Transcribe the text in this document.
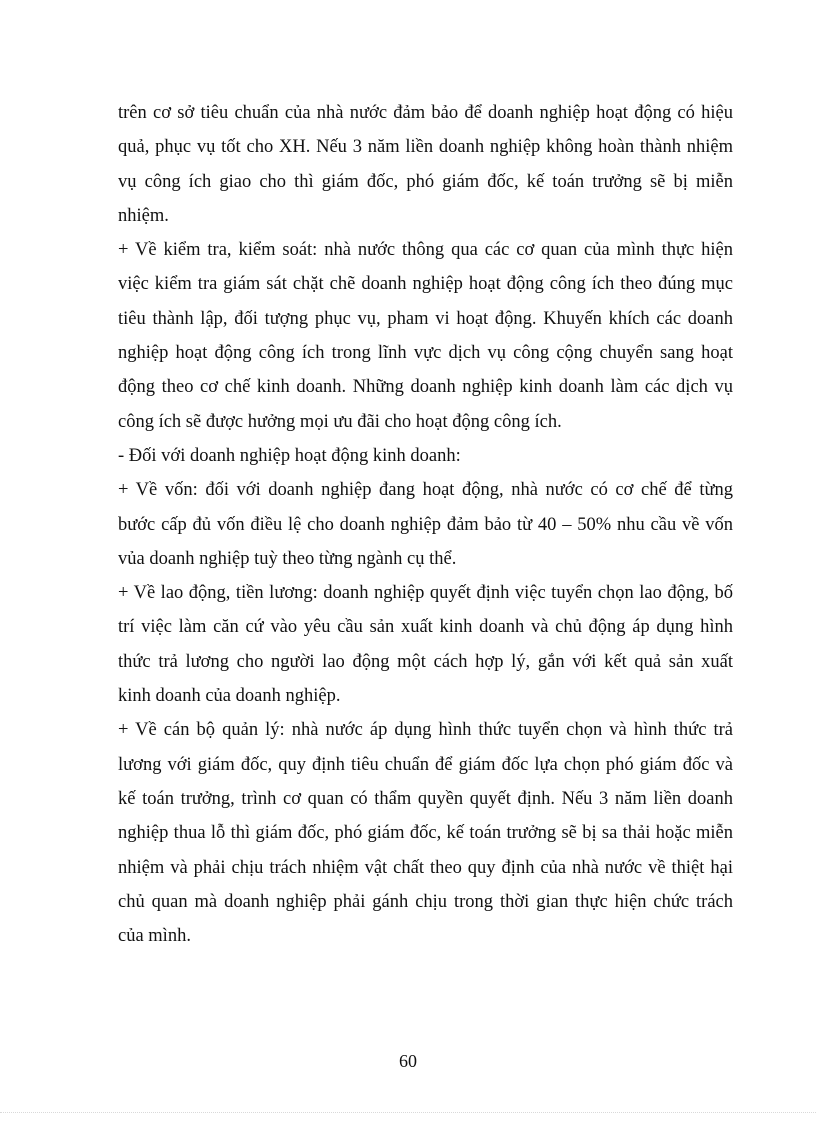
trên cơ sở tiêu chuẩn của nhà nước đảm bảo để doanh nghiệp hoạt động có hiệu
quả, phục vụ tốt cho XH. Nếu 3 năm liền doanh nghiệp không hoàn thành nhiệm
vụ công ích giao cho thì giám đốc, phó giám đốc, kế toán trưởng sẽ bị miễn
nhiệm.
+ Về kiểm tra, kiểm soát: nhà nước thông qua các cơ quan của mình thực hiện
việc kiểm tra giám sát chặt chẽ doanh nghiệp hoạt động công ích theo đúng mục
tiêu thành lập, đối tượng phục vụ, pham vi hoạt động. Khuyến khích các doanh
nghiệp hoạt động công ích trong lĩnh vực dịch vụ công cộng chuyển sang hoạt
động theo cơ chế kinh doanh. Những doanh nghiệp kinh doanh làm các dịch vụ
công ích sẽ được hưởng mọi ưu đãi cho hoạt động công ích.
- Đối với doanh nghiệp hoạt động kinh doanh:
+ Về vốn: đối với doanh nghiệp đang hoạt động, nhà nước có cơ chế để từng
bước cấp đủ vốn điều lệ cho doanh nghiệp đảm bảo từ 40 – 50% nhu cầu về vốn
vủa doanh nghiệp tuỳ theo từng ngành cụ thể.
+ Về lao động, tiền lương: doanh nghiệp quyết định việc tuyển chọn lao động, bố
trí việc làm căn cứ vào yêu cầu sản xuất kinh doanh và chủ động áp dụng hình
thức trả lương cho người lao động một cách hợp lý, gắn với kết quả sản xuất
kinh doanh của doanh nghiệp.
+ Về cán bộ quản lý: nhà nước áp dụng hình thức tuyển chọn và hình thức trả
lương với giám đốc, quy định tiêu chuẩn để giám đốc lựa chọn phó giám đốc và
kế toán trưởng, trình cơ quan có thẩm quyền quyết định. Nếu 3 năm liền doanh
nghiệp thua lỗ thì giám đốc, phó giám đốc, kế toán trưởng sẽ bị sa thải hoặc miễn
nhiệm và phải chịu trách nhiệm vật chất theo quy định của nhà nước về thiệt hại
chủ quan mà doanh nghiệp phải gánh chịu trong thời gian thực hiện chức trách
của mình.
60
